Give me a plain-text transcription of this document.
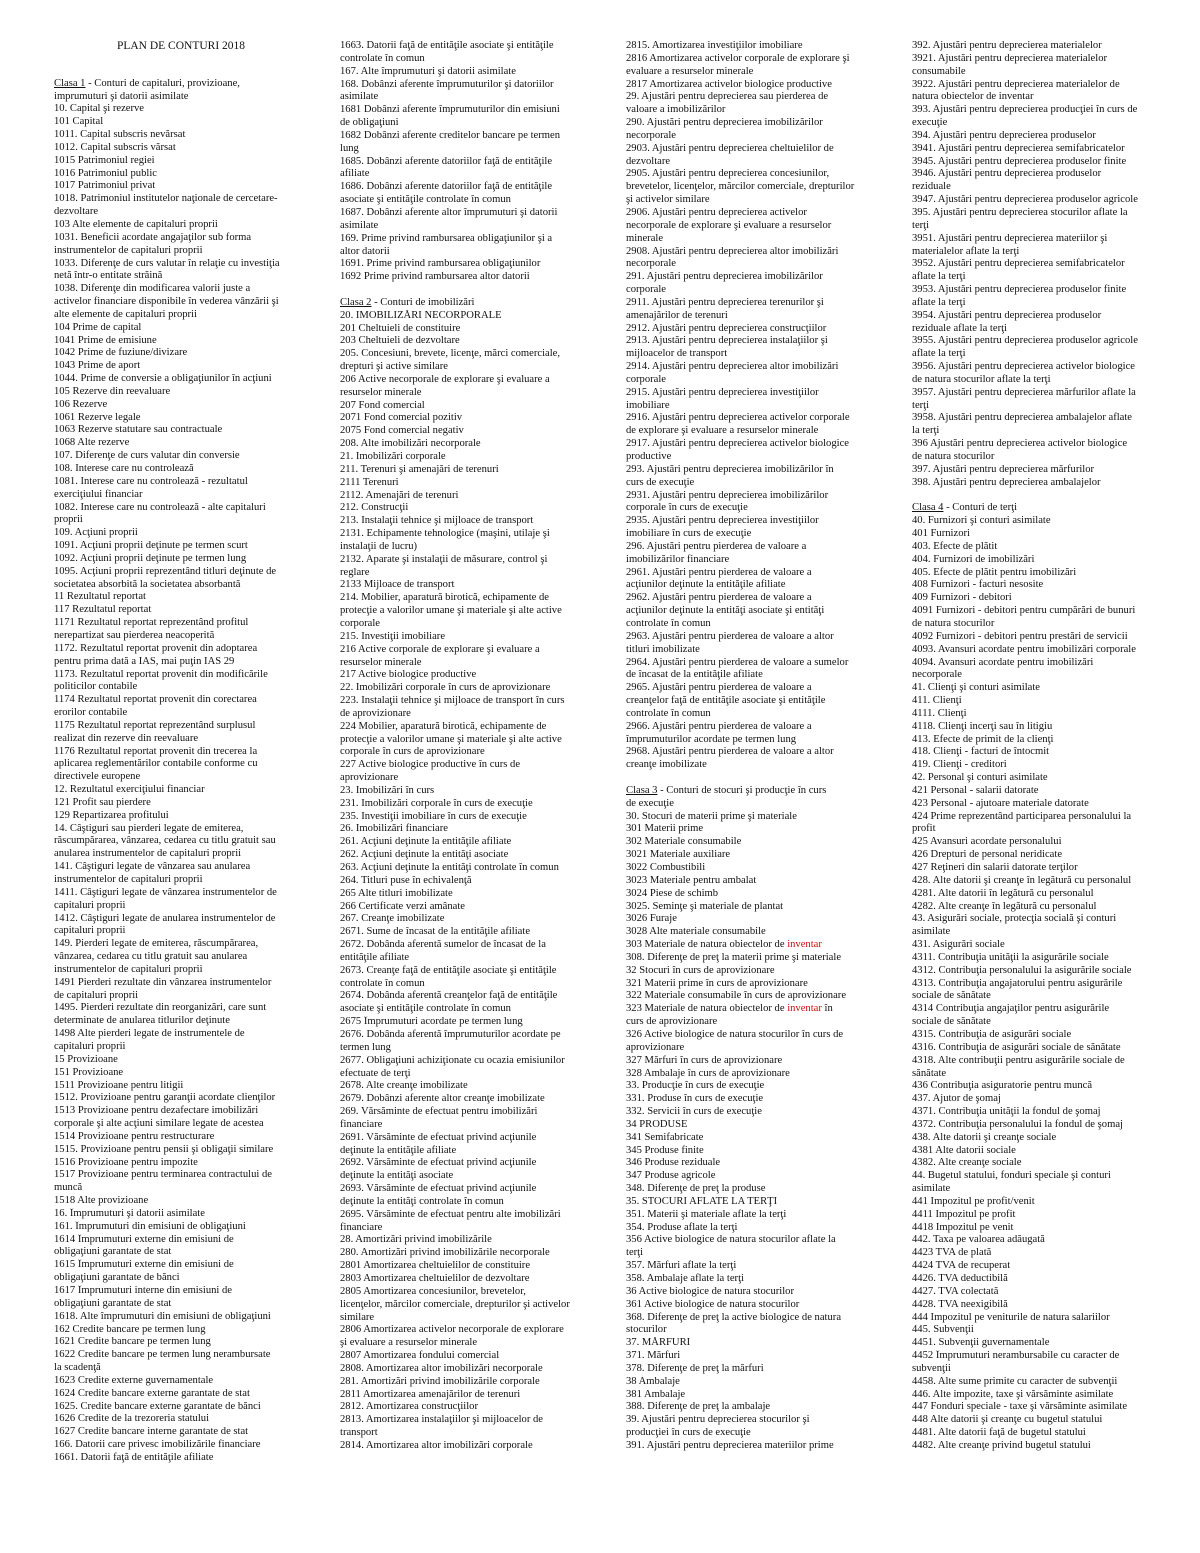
PLAN DE CONTURI 2018
Clasa 1 - Conturi de capitaluri, provizioane,
imprumuturi şi datorii asimilate
10. Capital şi rezerve
101 Capital
1011. Capital subscris nevărsat
1012. Capital subscris vărsat
1015 Patrimoniul regiei
1016 Patrimoniul public
1017 Patrimoniul privat
1018. Patrimoniul institutelor naţionale de cercetare-
dezvoltare
103 Alte elemente de capitaluri proprii
1031. Beneficii acordate angajaţilor sub forma
instrumentelor de capitaluri proprii
1033. Diferenţe de curs valutar în relaţie cu investiţia
netă într-o entitate străină
1038. Diferenţe din modificarea valorii juste a
activelor financiare disponibile în vederea vânzării şi
alte elemente de capitaluri proprii
104 Prime de capital
1041 Prime de emisiune
1042 Prime de fuziune/divizare
1043 Prime de aport
1044. Prime de conversie a obligaţiunilor în acţiuni
105 Rezerve din reevaluare
106 Rezerve
1061 Rezerve legale
1063 Rezerve statutare sau contractuale
1068 Alte rezerve
107. Diferenţe de curs valutar din conversie
108. Interese care nu controlează
1081. Interese care nu controlează - rezultatul
exerciţiului financiar
1082. Interese care nu controlează - alte capitaluri
proprii
109. Acţiuni proprii
1091. Acţiuni proprii deţinute pe termen scurt
1092. Acţiuni proprii deţinute pe termen lung
1095. Acţiuni proprii reprezentând titluri deţinute de
societatea absorbită la societatea absorbantă
11 Rezultatul reportat
117 Rezultatul reportat
1171 Rezultatul reportat reprezentând profitul
nerepartizat sau pierderea neacoperită
1172. Rezultatul reportat provenit din adoptarea
pentru prima dată a IAS, mai puţin IAS 29
1173. Rezultatul reportat provenit din modificările
politicilor contabile
1174 Rezultatul reportat provenit din corectarea
erorilor contabile
1175 Rezultatul reportat reprezentând surplusul
realizat din rezerve din reevaluare
1176 Rezultatul reportat provenit din trecerea la
aplicarea reglementărilor contabile conforme cu
directivele europene
12. Rezultatul exerciţiului financiar
121 Profit sau pierdere
129 Repartizarea profitului
14. Câştiguri sau pierderi legate de emiterea,
răscumpărarea, vânzarea, cedarea cu titlu gratuit sau
anularea instrumentelor de capitaluri proprii
141. Câştiguri legate de vânzarea sau anularea
instrumentelor de capitaluri proprii
1411. Câştiguri legate de vânzarea instrumentelor de
capitaluri proprii
1412. Câştiguri legate de anularea instrumentelor de
capitaluri proprii
149. Pierderi legate de emiterea, răscumpărarea,
vânzarea, cedarea cu titlu gratuit sau anularea
instrumentelor de capitaluri proprii
1491 Pierderi rezultate din vânzarea instrumentelor
de capitaluri proprii
1495. Pierderi rezultate din reorganizări, care sunt
determinate de anularea titlurilor deţinute
1498 Alte pierderi legate de instrumentele de
capitaluri proprii
15 Provizioane
151 Provizioane
1511 Provizioane pentru litigii
1512. Provizioane pentru garanţii acordate clienţilor
1513 Provizioane pentru dezafectare imobilizări
corporale şi alte acţiuni similare legate de acestea
1514 Provizioane pentru restructurare
1515. Provizioane pentru pensii şi obligaţii similare
1516 Provizioane pentru impozite
1517 Provizioane pentru terminarea contractului de
muncă
1518 Alte provizioane
16. Împrumuturi şi datorii asimilate
161. Împrumuturi din emisiuni de obligaţiuni
1614 Împrumuturi externe din emisiuni de
obligaţiuni garantate de stat
1615 Împrumuturi externe din emisiuni de
obligaţiuni garantate de bănci
1617 Împrumuturi interne din emisiuni de
obligaţiuni garantate de stat
1618. Alte împrumuturi din emisiuni de obligaţiuni
162 Credite bancare pe termen lung
1621 Credite bancare pe termen lung
1622 Credite bancare pe termen lung nerambursate
la scadenţă
1623 Credite externe guvernamentale
1624 Credite bancare externe garantate de stat
1625. Credite bancare externe garantate de bănci
1626 Credite de la trezoreria statului
1627 Credite bancare interne garantate de stat
166. Datorii care privesc imobilizările financiare
1661. Datorii faţă de entităţile afiliate
1663. Datorii faţă de entităţile asociate şi entităţile
controlate în comun
167. Alte împrumuturi şi datorii asimilate
168. Dobânzi aferente împrumuturilor şi datoriilor
asimilate
1681 Dobânzi aferente împrumuturilor din emisiuni
de obligaţiuni
1682 Dobânzi aferente creditelor bancare pe termen
lung
1685. Dobânzi aferente datoriilor faţă de entităţile
afiliate
1686. Dobânzi aferente datoriilor faţă de entităţile
asociate şi entităţile controlate în comun
1687. Dobânzi aferente altor împrumuturi şi datorii
asimilate
169. Prime privind rambursarea obligaţiunilor şi a
altor datorii
1691. Prime privind rambursarea obligaţiunilor
1692 Prime privind rambursarea altor datorii
Clasa 2 - Conturi de imobilizări
20. IMOBILIZĂRI NECORPORALE
201 Cheltuieli de constituire
203 Cheltuieli de dezvoltare
205. Concesiuni, brevete, licenţe, mărci comerciale,
drepturi şi active similare
206 Active necorporale de explorare şi evaluare a
resurselor minerale
207 Fond comercial
2071 Fond comercial pozitiv
2075 Fond comercial negativ
208. Alte imobilizări necorporale
21. Imobilizări corporale
211. Terenuri şi amenajări de terenuri
2111 Terenuri
2112. Amenajări de terenuri
212. Construcţii
213. Instalaţii tehnice şi mijloace de transport
2131. Echipamente tehnologice (maşini, utilaje şi
instalaţii de lucru)
2132. Aparate şi instalaţii de măsurare, control şi
reglare
2133 Mijloace de transport
214. Mobilier, aparatură birotică, echipamente de
protecţie a valorilor umane şi materiale şi alte active
corporale
215. Investiţii imobiliare
216 Active corporale de explorare şi evaluare a
resurselor minerale
217 Active biologice productive
22. Imobilizări corporale în curs de aprovizionare
223. Instalaţii tehnice şi mijloace de transport în curs
de aprovizionare
224 Mobilier, aparatură birotică, echipamente de
protecţie a valorilor umane şi materiale şi alte active
corporale în curs de aprovizionare
227 Active biologice productive în curs de
aprovizionare
23. Imobilizări în curs
231. Imobilizări corporale în curs de execuţie
235. Investiţii imobiliare în curs de execuţie
26. Imobilizări financiare
261. Acţiuni deţinute la entităţile afiliate
262. Acţiuni deţinute la entităţi asociate
263. Acţiuni deţinute la entităţi controlate în comun
264. Titluri puse în echivalenţă
265 Alte titluri imobilizate
266 Certificate verzi amânate
267. Creanţe imobilizate
2671. Sume de încasat de la entităţile afiliate
2672. Dobânda aferentă sumelor de încasat de la
entităţile afiliate
2673. Creanţe faţă de entităţile asociate şi entităţile
controlate în comun
2674. Dobânda aferentă creanţelor faţă de entităţile
asociate şi entităţile controlate în comun
2675 Împrumuturi acordate pe termen lung
2676. Dobânda aferentă împrumuturilor acordate pe
termen lung
2677. Obligaţiuni achiziţionate cu ocazia emisiunilor
efectuate de terţi
2678. Alte creanţe imobilizate
2679. Dobânzi aferente altor creanţe imobilizate
269. Vărsăminte de efectuat pentru imobilizări
financiare
2691. Vărsăminte de efectuat privind acţiunile
deţinute la entităţile afiliate
2692. Vărsăminte de efectuat privind acţiunile
deţinute la entităţi asociate
2693. Vărsăminte de efectuat privind acţiunile
deţinute la entităţi controlate în comun
2695. Vărsăminte de efectuat pentru alte imobilizări
financiare
28. Amortizări privind imobilizările
280. Amortizări privind imobilizările necorporale
2801 Amortizarea cheltuielilor de constituire
2803 Amortizarea cheltuielilor de dezvoltare
2805 Amortizarea concesiunilor, brevetelor,
licenţelor, mărcilor comerciale, drepturilor şi activelor
similare
2806 Amortizarea activelor necorporale de explorare
şi evaluare a resurselor minerale
2807 Amortizarea fondului comercial
2808. Amortizarea altor imobilizări necorporale
281. Amortizări privind imobilizările corporale
2811 Amortizarea amenajărilor de terenuri
2812. Amortizarea construcţiilor
2813. Amortizarea instalaţiilor şi mijloacelor de
transport
2814. Amortizarea altor imobilizări corporale
2815. Amortizarea investiţiilor imobiliare
2816 Amortizarea activelor corporale de explorare şi
evaluare a resurselor minerale
2817 Amortizarea activelor biologice productive
29. Ajustări pentru deprecierea sau pierderea de
valoare a imobilizărilor
290. Ajustări pentru deprecierea imobilizărilor
necorporale
2903. Ajustări pentru deprecierea cheltuielilor de
dezvoltare
2905. Ajustări pentru deprecierea concesiunilor,
brevetelor, licenţelor, mărcilor comerciale, drepturilor
şi activelor similare
2906. Ajustări pentru deprecierea activelor
necorporale de explorare şi evaluare a resurselor
minerale
2908. Ajustări pentru deprecierea altor imobilizări
necorporale
291. Ajustări pentru deprecierea imobilizărilor
corporale
2911. Ajustări pentru deprecierea terenurilor şi
amenajărilor de terenuri
2912. Ajustări pentru deprecierea construcţiilor
2913. Ajustări pentru deprecierea instalaţiilor şi
mijloacelor de transport
2914. Ajustări pentru deprecierea altor imobilizări
corporale
2915. Ajustări pentru deprecierea investiţiilor
imobiliare
2916. Ajustări pentru deprecierea activelor corporale
de explorare şi evaluare a resurselor minerale
2917. Ajustări pentru deprecierea activelor biologice
productive
293. Ajustări pentru deprecierea imobilizărilor în
curs de execuţie
2931. Ajustări pentru deprecierea imobilizărilor
corporale în curs de execuţie
2935. Ajustări pentru deprecierea investiţiilor
imobiliare în curs de execuţie
296. Ajustări pentru pierderea de valoare a
imobilizărilor financiare
2961. Ajustări pentru pierderea de valoare a
acţiunilor deţinute la entităţile afiliate
2962. Ajustări pentru pierderea de valoare a
acţiunilor deţinute la entităţi asociate şi entităţi
controlate în comun
2963. Ajustări pentru pierderea de valoare a altor
titluri imobilizate
2964. Ajustări pentru pierderea de valoare a sumelor
de încasat de la entităţile afiliate
2965. Ajustări pentru pierderea de valoare a
creanţelor faţă de entităţile asociate şi entităţile
controlate în comun
2966. Ajustări pentru pierderea de valoare a
împrumuturilor acordate pe termen lung
2968. Ajustări pentru pierderea de valoare a altor
creanţe imobilizate
Clasa 3 - Conturi de stocuri şi producţie în curs
de execuţie
30. Stocuri de materii prime şi materiale
301 Materii prime
302 Materiale consumabile
3021 Materiale auxiliare
3022 Combustibili
3023 Materiale pentru ambalat
3024 Piese de schimb
3025. Seminţe şi materiale de plantat
3026 Furaje
3028 Alte materiale consumabile
303 Materiale de natura obiectelor de inventar
308. Diferenţe de preţ la materii prime şi materiale
32 Stocuri în curs de aprovizionare
321 Materii prime în curs de aprovizionare
322 Materiale consumabile în curs de aprovizionare
323 Materiale de natura obiectelor de inventar în
curs de aprovizionare
326 Active biologice de natura stocurilor în curs de
aprovizionare
327 Mărfuri în curs de aprovizionare
328 Ambalaje în curs de aprovizionare
33. Producţie în curs de execuţie
331. Produse în curs de execuţie
332. Servicii în curs de execuţie
34 PRODUSE
341 Semifabricate
345 Produse finite
346 Produse reziduale
347 Produse agricole
348. Diferenţe de preţ la produse
35. STOCURI AFLATE LA TERŢI
351. Materii şi materiale aflate la terţi
354. Produse aflate la terţi
356 Active biologice de natura stocurilor aflate la
terţi
357. Mărfuri aflate la terţi
358. Ambalaje aflate la terţi
36 Active biologice de natura stocurilor
361 Active biologice de natura stocurilor
368. Diferenţe de preţ la active biologice de natura
stocurilor
37. MĂRFURI
371. Mărfuri
378. Diferenţe de preţ la mărfuri
38 Ambalaje
381 Ambalaje
388. Diferenţe de preţ la ambalaje
39. Ajustări pentru deprecierea stocurilor şi
producţiei în curs de execuţie
391. Ajustări pentru deprecierea materiilor prime
392. Ajustări pentru deprecierea materialelor
3921. Ajustări pentru deprecierea materialelor
consumabile
3922. Ajustări pentru deprecierea materialelor de
natura obiectelor de inventar
393. Ajustări pentru deprecierea producţiei în curs de
execuţie
394. Ajustări pentru deprecierea produselor
3941. Ajustări pentru deprecierea semifabricatelor
3945. Ajustări pentru deprecierea produselor finite
3946. Ajustări pentru deprecierea produselor
reziduale
3947. Ajustări pentru deprecierea produselor agricole
395. Ajustări pentru deprecierea stocurilor aflate la
terţi
3951. Ajustări pentru deprecierea materiilor şi
materialelor aflate la terţi
3952. Ajustări pentru deprecierea semifabricatelor
aflate la terţi
3953. Ajustări pentru deprecierea produselor finite
aflate la terţi
3954. Ajustări pentru deprecierea produselor
reziduale aflate la terţi
3955. Ajustări pentru deprecierea produselor agricole
aflate la terţi
3956. Ajustări pentru deprecierea activelor biologice
de natura stocurilor aflate la terţi
3957. Ajustări pentru deprecierea mărfurilor aflate la
terţi
3958. Ajustări pentru deprecierea ambalajelor aflate
la terţi
396 Ajustări pentru deprecierea activelor biologice
de natura stocurilor
397. Ajustări pentru deprecierea mărfurilor
398. Ajustări pentru deprecierea ambalajelor
Clasa 4 - Conturi de terţi
40. Furnizori şi conturi asimilate
401 Furnizori
403. Efecte de plătit
404. Furnizori de imobilizări
405. Efecte de plătit pentru imobilizări
408 Furnizori - facturi nesosite
409 Furnizori - debitori
4091 Furnizori - debitori pentru cumpărări de bunuri
de natura stocurilor
4092 Furnizori - debitori pentru prestări de servicii
4093. Avansuri acordate pentru imobilizări corporale
4094. Avansuri acordate pentru imobilizări
necorporale
41. Clienţi şi conturi asimilate
411. Clienţi
4111. Clienţi
4118. Clienţi incerţi sau în litigiu
413. Efecte de primit de la clienţi
418. Clienţi - facturi de întocmit
419. Clienţi - creditori
42. Personal şi conturi asimilate
421 Personal - salarii datorate
423 Personal - ajutoare materiale datorate
424 Prime reprezentând participarea personalului la
profit
425 Avansuri acordate personalului
426 Drepturi de personal neridicate
427 Reţineri din salarii datorate terţilor
428. Alte datorii şi creanţe în legătură cu personalul
4281. Alte datorii în legătură cu personalul
4282. Alte creanţe în legătură cu personalul
43. Asigurări sociale, protecţia socială şi conturi
asimilate
431. Asigurări sociale
4311. Contribuţia unităţii la asigurările sociale
4312. Contribuţia personalului la asigurările sociale
4313. Contribuţia angajatorului pentru asigurările
sociale de sănătate
4314 Contribuţia angajaţilor pentru asigurările
sociale de sănătate
4315. Contribuţia de asigurări sociale
4316. Contribuţia de asigurări sociale de sănătate
4318. Alte contribuţii pentru asigurările sociale de
sănătate
436 Contribuţia asiguratorie pentru muncă
437. Ajutor de şomaj
4371. Contribuţia unităţii la fondul de şomaj
4372. Contribuţia personalului la fondul de şomaj
438. Alte datorii şi creanţe sociale
4381 Alte datorii sociale
4382. Alte creanţe sociale
44. Bugetul statului, fonduri speciale şi conturi
asimilate
441 Impozitul pe profit/venit
4411 Impozitul pe profit
4418 Impozitul pe venit
442. Taxa pe valoarea adăugată
4423 TVA de plată
4424 TVA de recuperat
4426. TVA deductibilă
4427. TVA colectată
4428. TVA neexigibilă
444 Impozitul pe veniturile de natura salariilor
445. Subvenţii
4451. Subvenţii guvernamentale
4452 Împrumuturi nerambursabile cu caracter de
subvenţii
4458. Alte sume primite cu caracter de subvenţii
446. Alte impozite, taxe şi vărsăminte asimilate
447 Fonduri speciale - taxe şi vărsăminte asimilate
448 Alte datorii şi creanţe cu bugetul statului
4481. Alte datorii faţă de bugetul statului
4482. Alte creanţe privind bugetul statului
